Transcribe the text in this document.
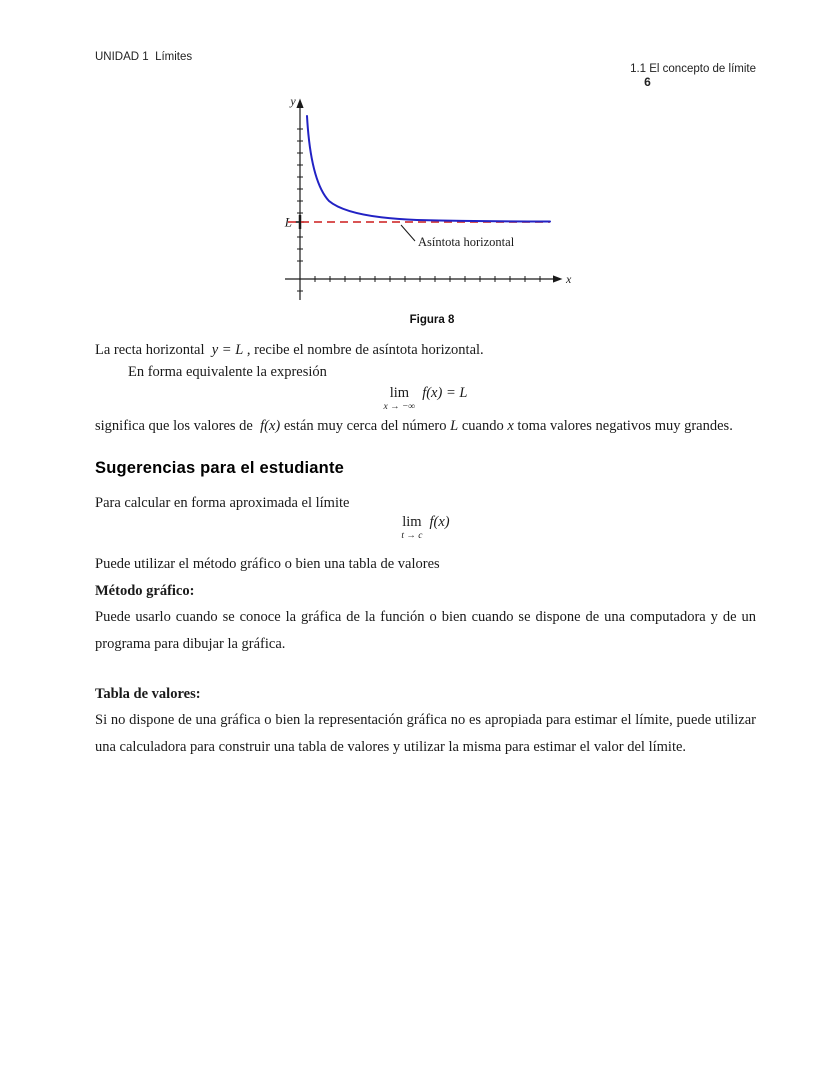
UNIDAD 1  Límites

1.1 El concepto de límite
6

y
x
L
Asíntota horizontal
Figura 8

La recta horizontal  y = L , recibe el nombre de asíntota horizontal.

En forma equivalente la expresión

lim
x → −∞
f(x) = L

significa que los valores de  f(x) están muy cerca del número L cuando x toma valores negativos muy grandes.

Sugerencias para el estudiante

Para calcular en forma aproximada el límite

lim
t → c
f(x)

Puede utilizar el método gráfico o bien una tabla de valores

Método gráfico:

Puede usarlo cuando se conoce la gráfica de la función o bien cuando se dispone de una computadora y de un programa para dibujar la gráfica.

Tabla de valores:

Si no dispone de una gráfica o bien la representación gráfica no es apropiada para estimar el límite, puede utilizar una calculadora para construir una tabla de valores y utilizar la misma para estimar el valor del límite.
